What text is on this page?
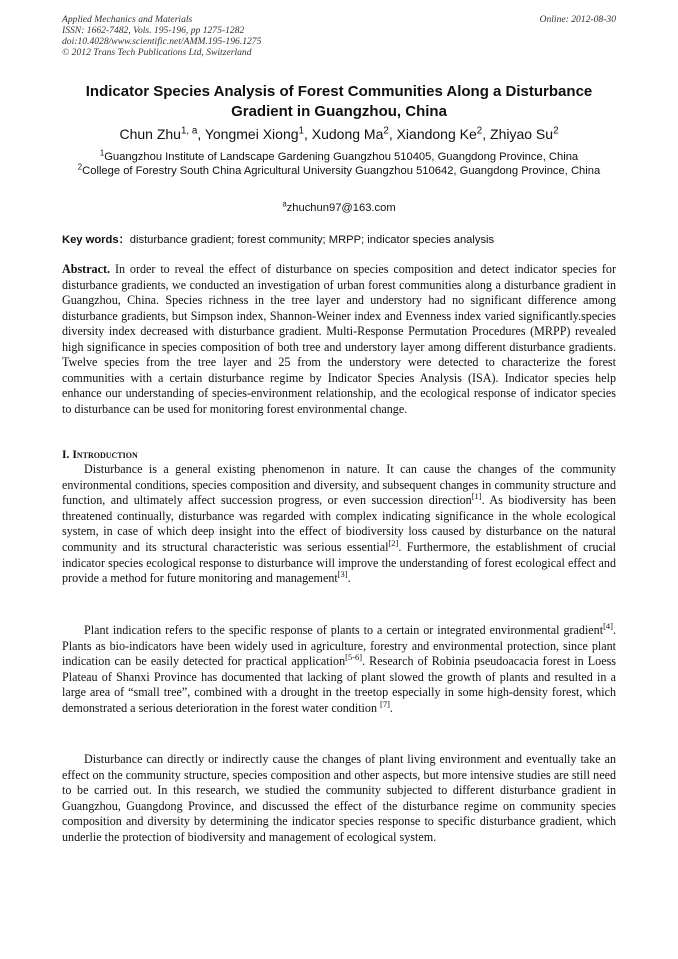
Applied Mechanics and Materials
ISSN: 1662-7482, Vols. 195-196, pp 1275-1282
doi:10.4028/www.scientific.net/AMM.195-196.1275
© 2012 Trans Tech Publications Ltd, Switzerland
Online: 2012-08-30
Indicator Species Analysis of Forest Communities Along a Disturbance Gradient in Guangzhou, China
Chun Zhu$^{1, a}$, Yongmei Xiong$^1$, Xudong Ma$^2$, Xiandong Ke$^2$, Zhiyao Su$^2$
$^1$Guangzhou Institute of Landscape Gardening Guangzhou 510405, Guangdong Province, China
$^2$College of Forestry South China Agricultural University Guangzhou 510642, Guangdong Province, China
$^a$zhuchun97@163.com
Key words：disturbance gradient; forest community; MRPP; indicator species analysis
Abstract. In order to reveal the effect of disturbance on species composition and detect indicator species for disturbance gradients, we conducted an investigation of urban forest communities along a disturbance gradient in Guangzhou, China. Species richness in the tree layer and understory had no significant difference among disturbance gradients, but Simpson index, Shannon-Weiner index and Evenness index varied significantly.species diversity index decreased with disturbance gradient. Multi-Response Permutation Procedures (MRPP) revealed high significance in species composition of both tree and understory layer among different disturbance gradients. Twelve species from the tree layer and 25 from the understory were detected to characterize the forest communities with a certain disturbance regime by Indicator Species Analysis (ISA). Indicator species help enhance our understanding of species-environment relationship, and the ecological response of indicator species to disturbance can be used for monitoring forest environmental change.
I. Introduction
Disturbance is a general existing phenomenon in nature. It can cause the changes of the community environmental conditions, species composition and diversity, and subsequent changes in community structure and function, and ultimately affect succession progress, or even succession direction[1]. As biodiversity has been threatened continually, disturbance was regarded with complex indicating significance in the whole ecological system, in case of which deep insight into the effect of biodiversity loss caused by disturbance on the natural community and its structural characteristic was serious essential[2]. Furthermore, the establishment of crucial indicator species ecological response to disturbance will improve the understanding of forest ecological effect and provide a method for future monitoring and management[3].
Plant indication refers to the specific response of plants to a certain or integrated environmental gradient[4]. Plants as bio-indicators have been widely used in agriculture, forestry and environmental protection, since plant indication can be easily detected for practical application[5-6]. Research of Robinia pseudoacacia forest in Loess Plateau of Shanxi Province has documented that lacking of plant slowed the growth of plants and resulted in a large area of “small tree”, combined with a drought in the treetop especially in some high-density forest, which demonstrated a serious deterioration in the forest water condition [7].
Disturbance can directly or indirectly cause the changes of plant living environment and eventually take an effect on the community structure, species composition and other aspects, but more intensive studies are still need to be carried out. In this research, we studied the community subjected to different disturbance gradient in Guangzhou, Guangdong Province, and discussed the effect of the disturbance regime on community species composition and diversity by determining the indicator species response to specific disturbance gradient, which underlie the protection of biodiversity and management of ecological system.
